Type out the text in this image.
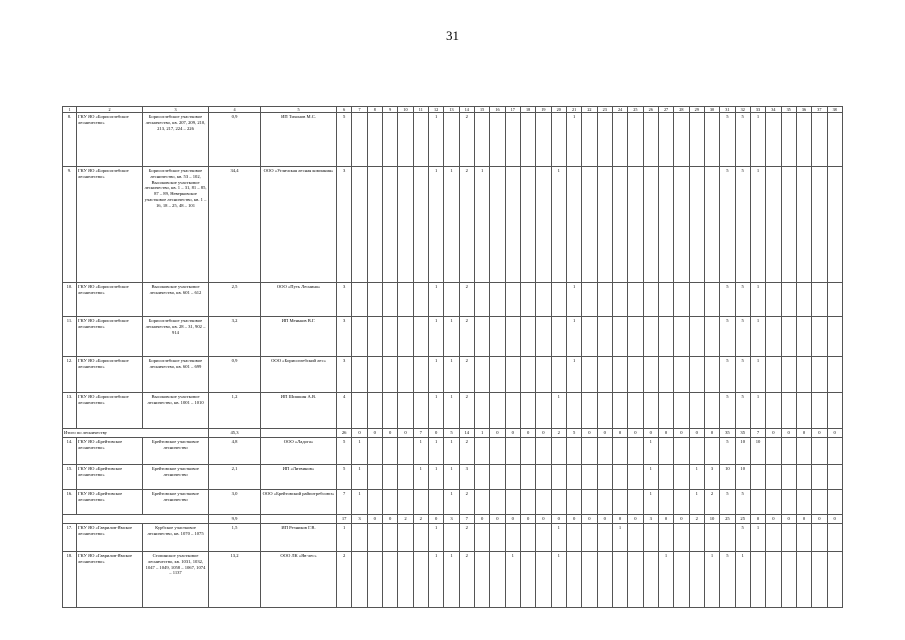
31
1	2	3	4	5	6	7	8	9	10	11	12	13	14	15	16	17	18	19	20	21	22	23	24	25	26	27	28	29	30	31	32	33	34	35	36	37	38
8.	ГКУ ЯО «Борисоглебское лесничество»	Борисоглебское участковое лесничество, кв. 207, 209, 210, 213, 217, 224 – 226	0,9	ИП Тихонов М.С.	5						1		2							1										5	5	1					
9.	ГКУ ЯО «Борисоглебское лесничество»	Борисоглебское участковое лесничество, кв. 53 – 102, Высоковское участковое лесничество, кв. 1 – 31, 81 – 85, 87 – 89, Неверковское участковое лесничество, кв. 1 – 16, 18 – 25, 48 – 101	34,4	ООО «Угличская лесная компания»	3						1	1	2	1					1											5	5	1					
10.	ГКУ ЯО «Борисоглебское лесничество»	Высоковское участковое лесничество, кв. 601 – 612	2,5	ООО «Путь Леснина»	3						1		2							1										5	5	1					
11.	ГКУ ЯО «Борисоглебское лесничество»	Борисоглебское участковое лесничество, кв. 28 – 31, 902 – 914	3,2	ИП Меньков В.Г.	3						1	1	2							1										5	5	1					
12.	ГКУ ЯО «Борисоглебское лесничество»	Борисоглебское участковое лесничество, кв. 601 – 699	0,9	ООО «Борисоглебский лес»	3						1	1	2							1										5	5	1					
13.	ГКУ ЯО «Борисоглебское лесничество»	Высоковское участковое лесничество, кв. 1001 – 1010	1,2	ИП Шишкин А.В.	4						1	1	2						1											5	5	1					
Итого по лесничеству			45,3		26	0	0	0	0	7	0	5	14	1	0	0	0	0	2	5	0	0	0	0	0	0	0	0	0	35	35	7	0	0	0	0	0
14.	ГКУ ЯО «Брейтовское лесничество»	Брейтовское участковое лесничество	4,8	ООО «Ладога»	5	1				1	1	1	2												1					5	10	10					
15.	ГКУ ЯО «Брейтовское лесничество»	Брейтовское участковое лесничество	2,1	ИП «Литвинов»	5	1				1	1	1	3												1			1	3	10	10						
16.	ГКУ ЯО «Брейтовское лесничество»	Брейтовское участковое лесничество	3,0	ООО «Брейтовский райпотребсоюз»	7	1						1	2												1			1	2	5	5						
			9,9		17	3	0	0	2	2	0	3	7	0	0	0	0	0	0	0	0	0	0	0	3	0	0	2	10	25	25	0	0	0	0	0	0
17.	ГКУ ЯО «Гаврилов-Ямское лесничество»	Курбское участковое лесничество, кв. 1070 – 1075	1,5	ИП Резников Г.В.	1						1		2						1				1								5	1					
18.	ГКУ ЯО «Гаврилов-Ямское лесничество»	Стопинское участковое лесничество, кв. 1031, 1032, 1047 – 1049, 1058 – 1067, 1074 – 1137	13,2	ООО ЛК «Яв-лес»	2						1	1	2			1			1							1			1	5	1						
